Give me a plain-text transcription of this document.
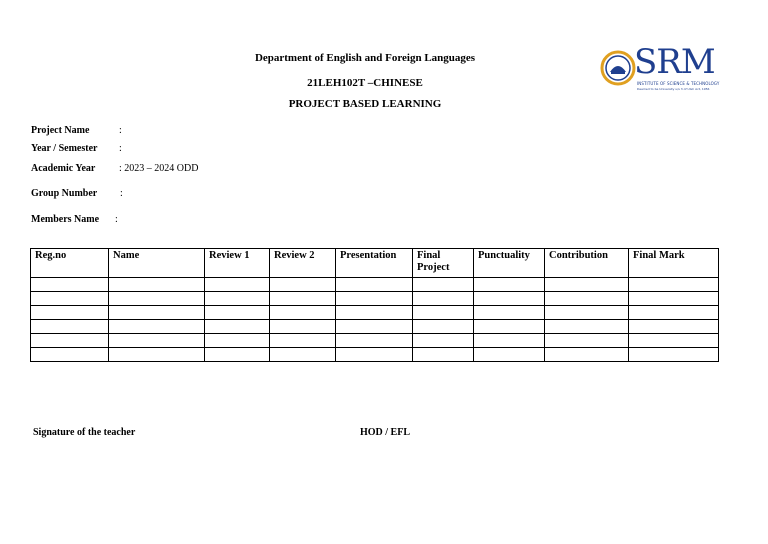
Department of English and Foreign Languages
21LEH102T –CHINESE
PROJECT BASED LEARNING
SRM
INSTITUTE OF SCIENCE & TECHNOLOGY
Deemed to be University u/s 3 of UGC Act, 1956
Project Name	:
Year / Semester :
Academic Year : 2023 – 2024 ODD
Group Number :
Members Name :
Reg.no	Name	Review 1	Review 2	Presentation	Final Project	Punctuality	Contribution	Final Mark

Signature of the teacher	HOD / EFL
